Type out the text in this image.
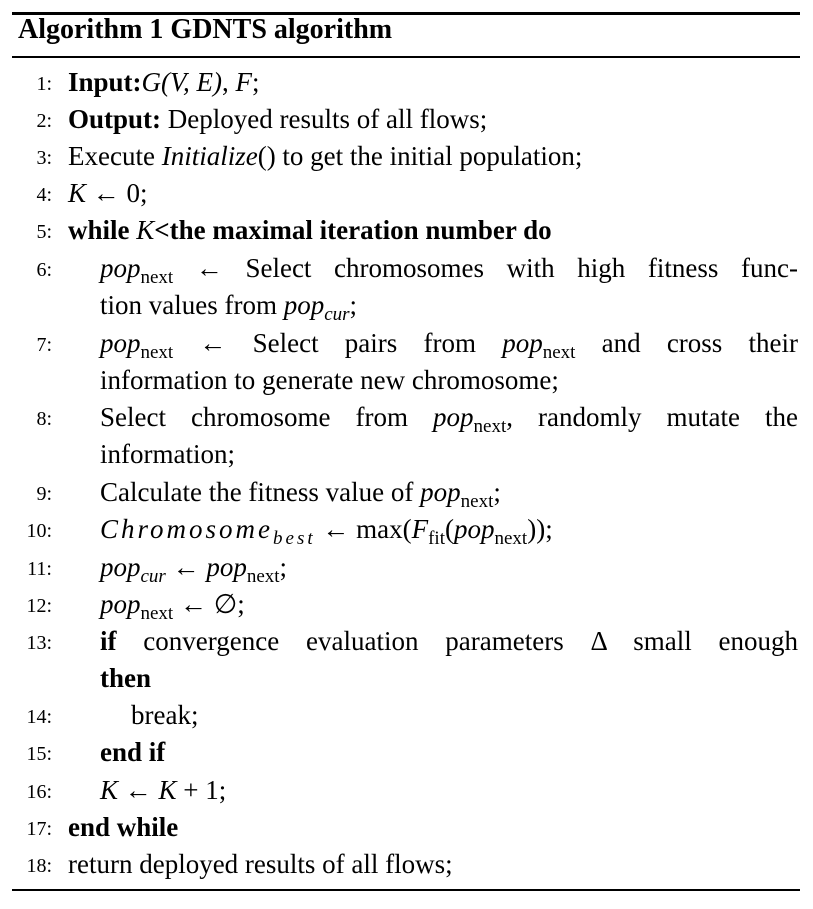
Algorithm 1 GDNTS algorithm
1: Input:G(V, E), F;
2: Output: Deployed results of all flows;
3: Execute Initialize() to get the initial population;
4: K ← 0;
5: while K<the maximal iteration number do
6: pop$_{next}$ ← Select chromosomes with high fitness func-
tion values from pop$_{cur}$;
7: pop$_{next}$ ← Select pairs from pop$_{next}$ and cross their
information to generate new chromosome;
8: Select chromosome from pop$_{next}$, randomly mutate the
information;
9: Calculate the fitness value of pop$_{next}$;
10: Chromosome$_{best}$ ← $\max(F_{fit}(pop_{next}))$;
11: pop$_{cur}$ ← pop$_{next}$;
12: pop$_{next}$ ← ∅;
13: if convergence evaluation parameters Δ small enough
then
14:	break;
15: end if
16: K ← K + 1;
17: end while
18: return deployed results of all flows;
